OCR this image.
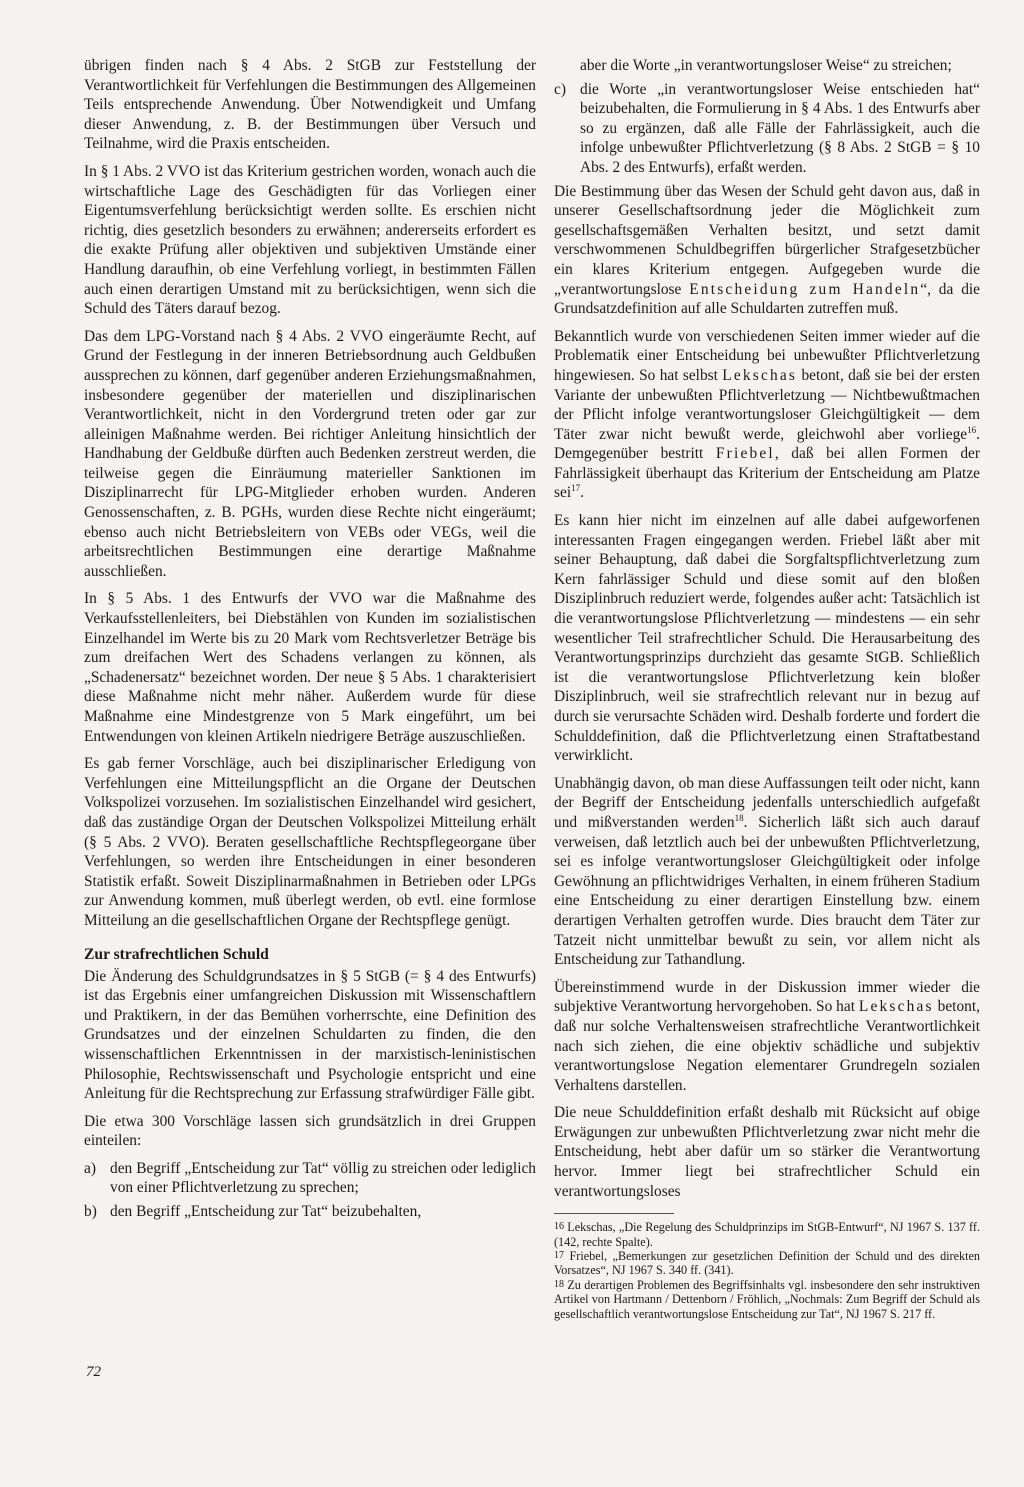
übrigen finden nach § 4 Abs. 2 StGB zur Feststellung der Verantwortlichkeit für Verfehlungen die Bestimmungen des Allgemeinen Teils entsprechende Anwendung. Über Notwendigkeit und Umfang dieser Anwendung, z. B. der Bestimmungen über Versuch und Teilnahme, wird die Praxis entscheiden.

In § 1 Abs. 2 VVO ist das Kriterium gestrichen worden, wonach auch die wirtschaftliche Lage des Geschädigten für das Vorliegen einer Eigentumsverfehlung berücksichtigt werden sollte. Es erschien nicht richtig, dies gesetzlich besonders zu erwähnen; andererseits erfordert es die exakte Prüfung aller objektiven und subjektiven Umstände einer Handlung daraufhin, ob eine Verfehlung vorliegt, in bestimmten Fällen auch einen derartigen Umstand mit zu berücksichtigen, wenn sich die Schuld des Täters darauf bezog.

Das dem LPG-Vorstand nach § 4 Abs. 2 VVO eingeräumte Recht, auf Grund der Festlegung in der inneren Betriebsordnung auch Geldbußen aussprechen zu können, darf gegenüber anderen Erziehungsmaßnahmen, insbesondere gegenüber der materiellen und disziplinarischen Verantwortlichkeit, nicht in den Vordergrund treten oder gar zur alleinigen Maßnahme werden. Bei richtiger Anleitung hinsichtlich der Handhabung der Geldbuße dürften auch Bedenken zerstreut werden, die teilweise gegen die Einräumung materieller Sanktionen im Disziplinarrecht für LPG-Mitglieder erhoben wurden. Anderen Genossenschaften, z. B. PGHs, wurden diese Rechte nicht eingeräumt; ebenso auch nicht Betriebsleitern von VEBs oder VEGs, weil die arbeitsrechtlichen Bestimmungen eine derartige Maßnahme ausschließen.

In § 5 Abs. 1 des Entwurfs der VVO war die Maßnahme des Verkaufsstellenleiters, bei Diebstählen von Kunden im sozialistischen Einzelhandel im Werte bis zu 20 Mark vom Rechtsverletzer Beträge bis zum dreifachen Wert des Schadens verlangen zu können, als „Schadenersatz“ bezeichnet worden. Der neue § 5 Abs. 1 charakterisiert diese Maßnahme nicht mehr näher. Außerdem wurde für diese Maßnahme eine Mindestgrenze von 5 Mark eingeführt, um bei Entwendungen von kleinen Artikeln niedrigere Beträge auszuschließen.

Es gab ferner Vorschläge, auch bei disziplinarischer Erledigung von Verfehlungen eine Mitteilungspflicht an die Organe der Deutschen Volkspolizei vorzusehen. Im sozialistischen Einzelhandel wird gesichert, daß das zuständige Organ der Deutschen Volkspolizei Mitteilung erhält (§ 5 Abs. 2 VVO). Beraten gesellschaftliche Rechtspflegeorgane über Verfehlungen, so werden ihre Entscheidungen in einer besonderen Statistik erfaßt. Soweit Disziplinarmaßnahmen in Betrieben oder LPGs zur Anwendung kommen, muß überlegt werden, ob evtl. eine formlose Mitteilung an die gesellschaftlichen Organe der Rechtspflege genügt.

Zur strafrechtlichen Schuld

Die Änderung des Schuldgrundsatzes in § 5 StGB (= § 4 des Entwurfs) ist das Ergebnis einer umfangreichen Diskussion mit Wissenschaftlern und Praktikern, in der das Bemühen vorherrschte, eine Definition des Grundsatzes und der einzelnen Schuldarten zu finden, die den wissenschaftlichen Erkenntnissen in der marxistisch-leninistischen Philosophie, Rechtswissenschaft und Psychologie entspricht und eine Anleitung für die Rechtsprechung zur Erfassung strafwürdiger Fälle gibt.

Die etwa 300 Vorschläge lassen sich grundsätzlich in drei Gruppen einteilen:

a) den Begriff „Entscheidung zur Tat“ völlig zu streichen oder lediglich von einer Pflichtverletzung zu sprechen;
b) den Begriff „Entscheidung zur Tat“ beizubehalten,
aber die Worte „in verantwortungsloser Weise“ zu streichen;
c) die Worte „in verantwortungsloser Weise entschieden hat“ beizubehalten, die Formulierung in § 4 Abs. 1 des Entwurfs aber so zu ergänzen, daß alle Fälle der Fahrlässigkeit, auch die infolge unbewußter Pflichtverletzung (§ 8 Abs. 2 StGB = § 10 Abs. 2 des Entwurfs), erfaßt werden.

Die Bestimmung über das Wesen der Schuld geht davon aus, daß in unserer Gesellschaftsordnung jeder die Möglichkeit zum gesellschaftsgemäßen Verhalten besitzt, und setzt damit verschwommenen Schuldbegriffen bürgerlicher Strafgesetzbücher ein klares Kriterium entgegen. Aufgegeben wurde die „verantwortungslose Entscheidung zum Handeln“, da die Grundsatzdefinition auf alle Schuldarten zutreffen muß.

Bekanntlich wurde von verschiedenen Seiten immer wieder auf die Problematik einer Entscheidung bei unbewußter Pflichtverletzung hingewiesen. So hat selbst Lekschas betont, daß sie bei der ersten Variante der unbewußten Pflichtverletzung — Nichtbewußtmachen der Pflicht infolge verantwortungsloser Gleichgültigkeit — dem Täter zwar nicht bewußt werde, gleichwohl aber vorliege$^{16}$. Demgegenüber bestritt Friebel, daß bei allen Formen der Fahrlässigkeit überhaupt das Kriterium der Entscheidung am Platze sei$^{17}$.

Es kann hier nicht im einzelnen auf alle dabei aufgeworfenen interessanten Fragen eingegangen werden. Friebel läßt aber mit seiner Behauptung, daß dabei die Sorgfaltspflichtverletzung zum Kern fahrlässiger Schuld und diese somit auf den bloßen Disziplinbruch reduziert werde, folgendes außer acht: Tatsächlich ist die verantwortungslose Pflichtverletzung — mindestens — ein sehr wesentlicher Teil strafrechtlicher Schuld. Die Herausarbeitung des Verantwortungsprinzips durchzieht das gesamte StGB. Schließlich ist die verantwortungslose Pflichtverletzung kein bloßer Disziplinbruch, weil sie strafrechtlich relevant nur in bezug auf durch sie verursachte Schäden wird. Deshalb forderte und fordert die Schulddefinition, daß die Pflichtverletzung einen Straftatbestand verwirklicht.

Unabhängig davon, ob man diese Auffassungen teilt oder nicht, kann der Begriff der Entscheidung jedenfalls unterschiedlich aufgefaßt und mißverstanden werden$^{18}$. Sicherlich läßt sich auch darauf verweisen, daß letztlich auch bei der unbewußten Pflichtverletzung, sei es infolge verantwortungsloser Gleichgültigkeit oder infolge Gewöhnung an pflichtwidriges Verhalten, in einem früheren Stadium eine Entscheidung zu einer derartigen Einstellung bzw. einem derartigen Verhalten getroffen wurde. Dies braucht dem Täter zur Tatzeit nicht unmittelbar bewußt zu sein, vor allem nicht als Entscheidung zur Tathandlung.

Übereinstimmend wurde in der Diskussion immer wieder die subjektive Verantwortung hervorgehoben. So hat Lekschas betont, daß nur solche Verhaltensweisen strafrechtliche Verantwortlichkeit nach sich ziehen, die eine objektiv schädliche und subjektiv verantwortungslose Negation elementarer Grundregeln sozialen Verhaltens darstellen.

Die neue Schulddefinition erfaßt deshalb mit Rücksicht auf obige Erwägungen zur unbewußten Pflichtverletzung zwar nicht mehr die Entscheidung, hebt aber dafür um so stärker die Verantwortung hervor. Immer liegt bei strafrechtlicher Schuld ein verantwortungsloses

16 Lekschas, „Die Regelung des Schuldprinzips im StGB-Entwurf“, NJ 1967 S. 137 ff. (142, rechte Spalte).

17 Friebel, „Bemerkungen zur gesetzlichen Definition der Schuld und des direkten Vorsatzes“, NJ 1967 S. 340 ff. (341).

18 Zu derartigen Problemen des Begriffsinhalts vgl. insbesondere den sehr instruktiven Artikel von Hartmann / Dettenborn / Fröhlich, „Nochmals: Zum Begriff der Schuld als gesellschaftlich verantwortungslose Entscheidung zur Tat“, NJ 1967 S. 217 ff.

72
